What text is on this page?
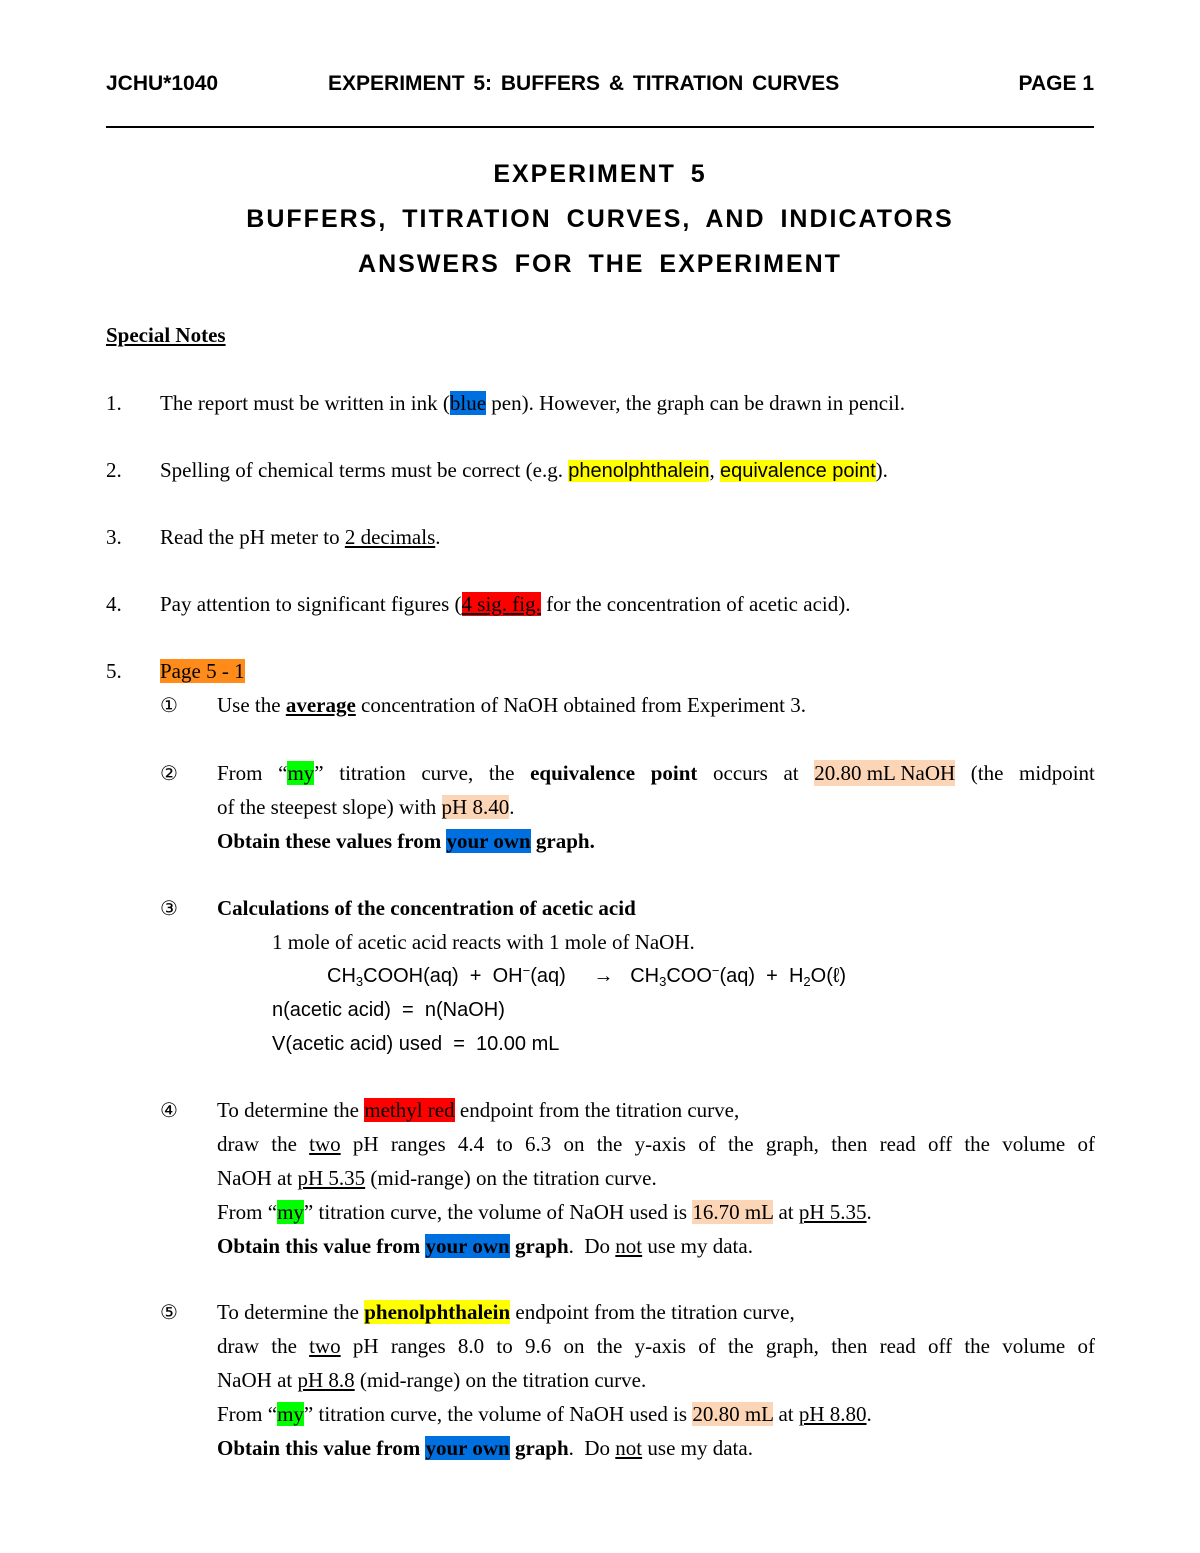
JCHU*1040	EXPERIMENT 5: BUFFERS & TITRATION CURVES	PAGE 1
EXPERIMENT 5
BUFFERS, TITRATION CURVES, AND INDICATORS
ANSWERS FOR THE EXPERIMENT
Special Notes
1. The report must be written in ink (blue pen). However, the graph can be drawn in pencil.
2. Spelling of chemical terms must be correct (e.g. phenolphthalein, equivalence point).
3. Read the pH meter to 2 decimals.
4. Pay attention to significant figures (4 sig. fig. for the concentration of acetic acid).
5. Page 5 - 1
① Use the average concentration of NaOH obtained from Experiment 3.
② From “my” titration curve, the equivalence point occurs at 20.80 mL NaOH (the midpoint
of the steepest slope) with pH 8.40.
Obtain these values from your own graph.
③ Calculations of the concentration of acetic acid
1 mole of acetic acid reacts with 1 mole of NaOH.
$CH_3COOH(aq) + OH^-(aq)$     →   $CH_3COO^-(aq)$  +  $H_2O(\ell)$
n(acetic acid)  =  n(NaOH)
V(acetic acid) used  =  10.00 mL
④ To determine the methyl red endpoint from the titration curve,
draw the two pH ranges 4.4 to 6.3 on the y-axis of the graph, then read off the volume of
NaOH at pH 5.35 (mid-range) on the titration curve.
From “my” titration curve, the volume of NaOH used is 16.70 mL at pH 5.35.
Obtain this value from your own graph.  Do not use my data.
⑤ To determine the phenolphthalein endpoint from the titration curve,
draw the two pH ranges 8.0 to 9.6 on the y-axis of the graph, then read off the volume of
NaOH at pH 8.8 (mid-range) on the titration curve.
From “my” titration curve, the volume of NaOH used is 20.80 mL at pH 8.80.
Obtain this value from your own graph.  Do not use my data.
